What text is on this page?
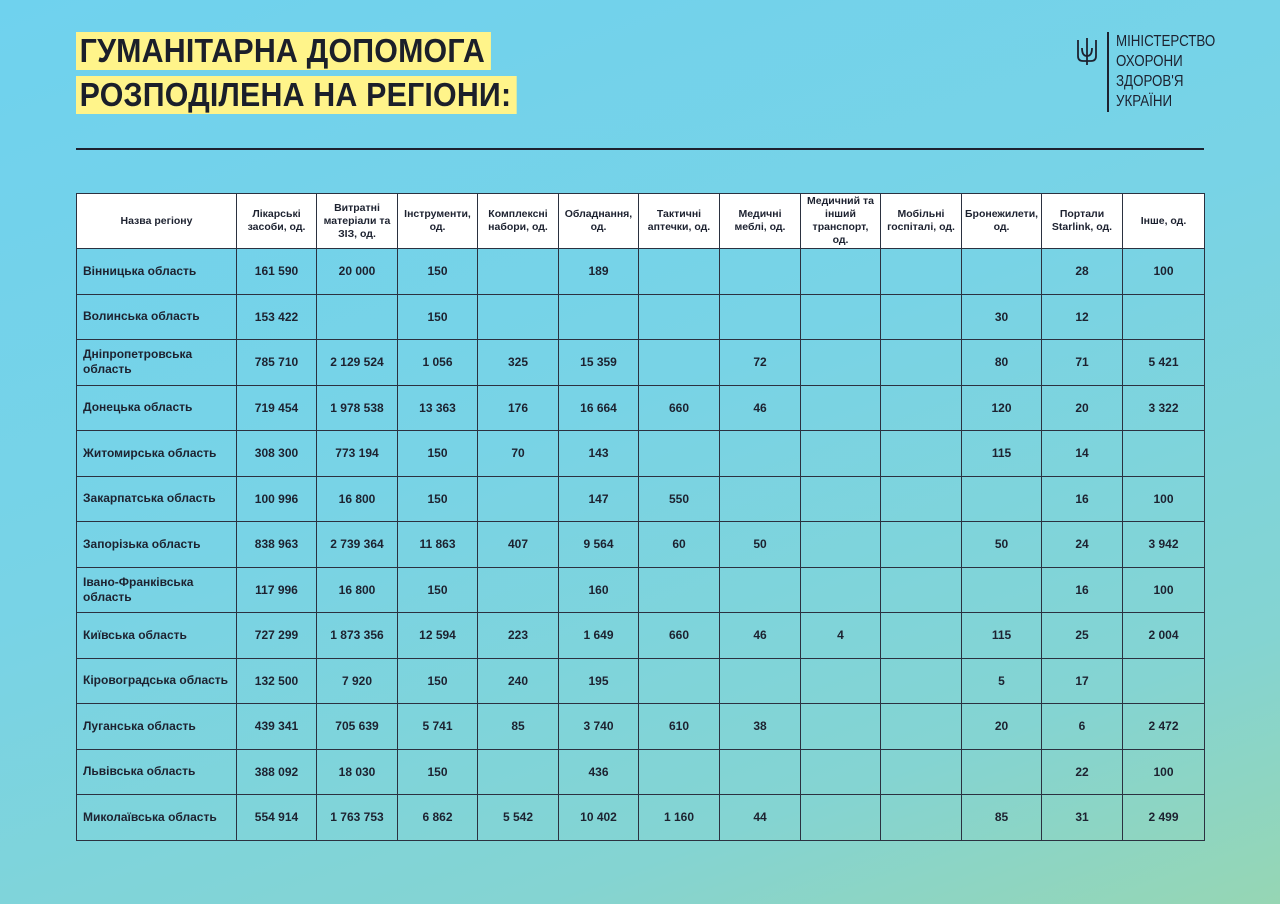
ГУМАНІТАРНА ДОПОМОГА
РОЗПОДІЛЕНА НА РЕГІОНИ:
МІНІСТЕРСТВО
ОХОРОНИ
ЗДОРОВ'Я
УКРАЇНИ
Назва регіону	Лікарські засоби, од.	Витратні матеріали та ЗІЗ, од.	Інструменти, од.	Комплексні набори, од.	Обладнання, од.	Тактичні аптечки, од.	Медичні меблі, од.	Медичний та інший транспорт, од.	Мобільні госпіталі, од.	Бронежилети, од.	Портали Starlink, од.	Інше, од.
Вінницька область	161 590	20 000	150		189						28	100
Волинська область	153 422		150							30	12	
Дніпропетровська область	785 710	2 129 524	1 056	325	15 359		72			80	71	5 421
Донецька область	719 454	1 978 538	13 363	176	16 664	660	46			120	20	3 322
Житомирська область	308 300	773 194	150	70	143					115	14	
Закарпатська область	100 996	16 800	150		147	550					16	100
Запорізька область	838 963	2 739 364	11 863	407	9 564	60	50			50	24	3 942
Івано-Франківська область	117 996	16 800	150		160						16	100
Київська область	727 299	1 873 356	12 594	223	1 649	660	46	4		115	25	2 004
Кіровоградська область	132 500	7 920	150	240	195					5	17	
Луганська область	439 341	705 639	5 741	85	3 740	610	38			20	6	2 472
Львівська область	388 092	18 030	150		436						22	100
Миколаївська область	554 914	1 763 753	6 862	5 542	10 402	1 160	44			85	31	2 499
